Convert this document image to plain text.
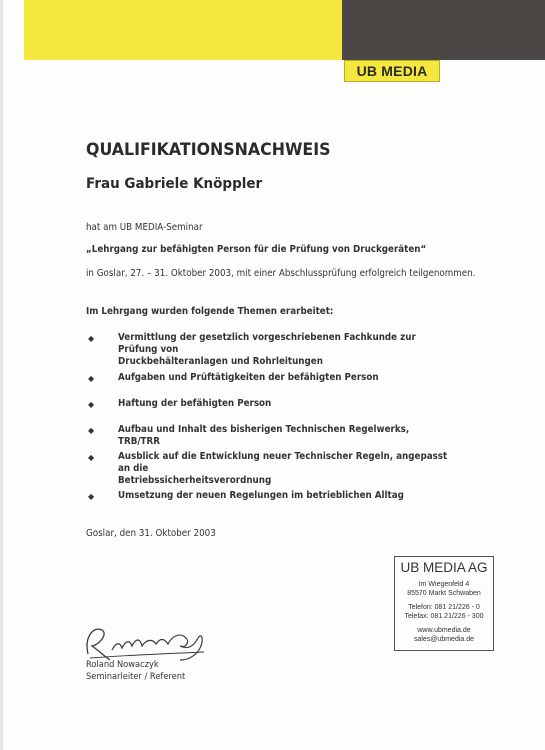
UB MEDIA
QUALIFIKATIONSNACHWEIS
Frau Gabriele Knöppler
hat am UB MEDIA-Seminar
„Lehrgang zur befähigten Person für die Prüfung von Druckgeräten“
in Goslar, 27. – 31. Oktober 2003, mit einer Abschlussprüfung erfolgreich teilgenommen.
Im Lehrgang wurden folgende Themen erarbeitet:
◆	Vermittlung der gesetzlich vorgeschriebenen Fachkunde zur Prüfung von
Druckbehälteranlagen und Rohrleitungen
◆	Aufgaben und Prüftätigkeiten der befähigten Person
◆	Haftung der befähigten Person
◆	Aufbau und Inhalt des bisherigen Technischen Regelwerks, TRB/TRR
◆	Ausblick auf die Entwicklung neuer Technischer Regeln, angepasst an die
Betriebssicherheitsverordnung
◆	Umsetzung der neuen Regelungen im betrieblichen Alltag
Goslar, den 31. Oktober 2003
UB MEDIA AG
Im Wiegenfeld 4
85570 Markt Schwaben
Telefon: 081 21/226 - 0
Telefax: 081 21/226 - 300
www.ubmedia.de
sales@ubmedia.de
Roland Nowaczyk
Seminarleiter / Referent
